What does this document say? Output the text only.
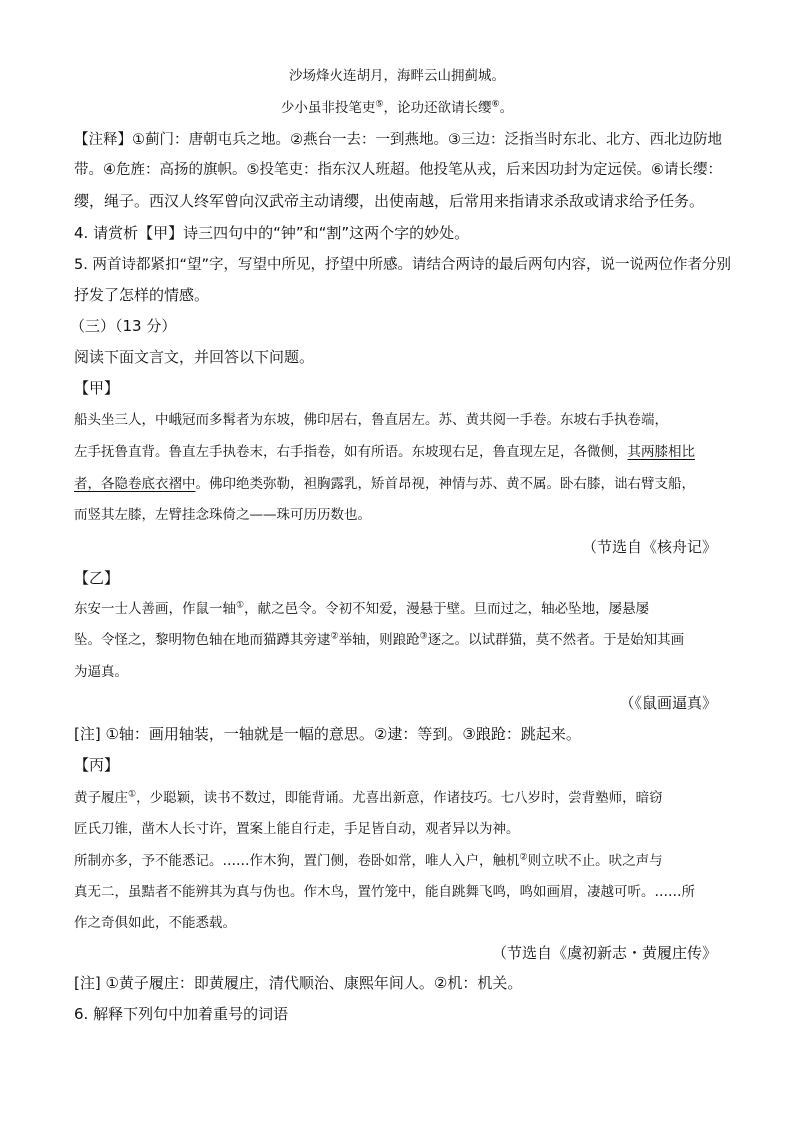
沙场烽火连胡月，海畔云山拥蓟城。
少小虽非投笔吏⑤，论功还欲请长缨⑥。
【注释】①蓟门：唐朝屯兵之地。②燕台一去：一到燕地。③三边：泛指当时东北、北方、西北边防地
带。④危旌：高扬的旗帜。⑤投笔吏：指东汉人班超。他投笔从戎，后来因功封为定远侯。⑥请长缨：
缨，绳子。西汉人终军曾向汉武帝主动请缨，出使南越，后常用来指请求杀敌或请求给予任务。
4. 请赏析【甲】诗三四句中的“钟”和“割”这两个字的妙处。
5. 两首诗都紧扣“望”字，写望中所见，抒望中所感。请结合两诗的最后两句内容，说一说两位作者分别
抒发了怎样的情感。
（三）（13 分）
阅读下面文言文，并回答以下问题。
【甲】
船头坐三人，中峨冠而多髯者为东坡，佛印居右，鲁直居左。苏、黄共阅一手卷。东坡右手执卷端，
左手抚鲁直背。鲁直左手执卷末，右手指卷，如有所语。东坡现右足，鲁直现左足，各微侧，其两膝相比
者，各隐卷底衣褶中。佛印绝类弥勒，袒胸露乳，矫首昂视，神情与苏、黄不属。卧右膝，诎右臂支船，
而竖其左膝，左臂挂念珠倚之——珠可历历数也。
（节选自《核舟记》
【乙】
东安一士人善画，作鼠一轴①，献之邑令。令初不知爱，漫悬于壁。旦而过之，轴必坠地，屡悬屡
坠。令怪之，黎明物色轴在地而猫蹲其旁逮②举轴，则踉跄③逐之。以试群猫，莫不然者。于是始知其画
为逼真。
（《鼠画逼真》
[注] ①轴：画用轴装，一轴就是一幅的意思。②逮：等到。③踉跄：跳起来。
【丙】
黄子履庄①，少聪颖，读书不数过，即能背诵。尤喜出新意，作诸技巧。七八岁时，尝背塾师，暗窃
匠氏刀锥，凿木人长寸许，置案上能自行走，手足皆自动，观者异以为神。
所制亦多，予不能悉记。……作木狗，置门侧，卷卧如常，唯人入户，触机②则立吠不止。吠之声与
真无二，虽黠者不能辨其为真与伪也。作木鸟，置竹笼中，能自跳舞飞鸣，鸣如画眉，凄越可听。……所
作之奇俱如此，不能悉载。
（节选自《虞初新志・黄履庄传》
[注] ①黄子履庄：即黄履庄，清代顺治、康熙年间人。②机：机关。
6. 解释下列句中加着重号的词语
